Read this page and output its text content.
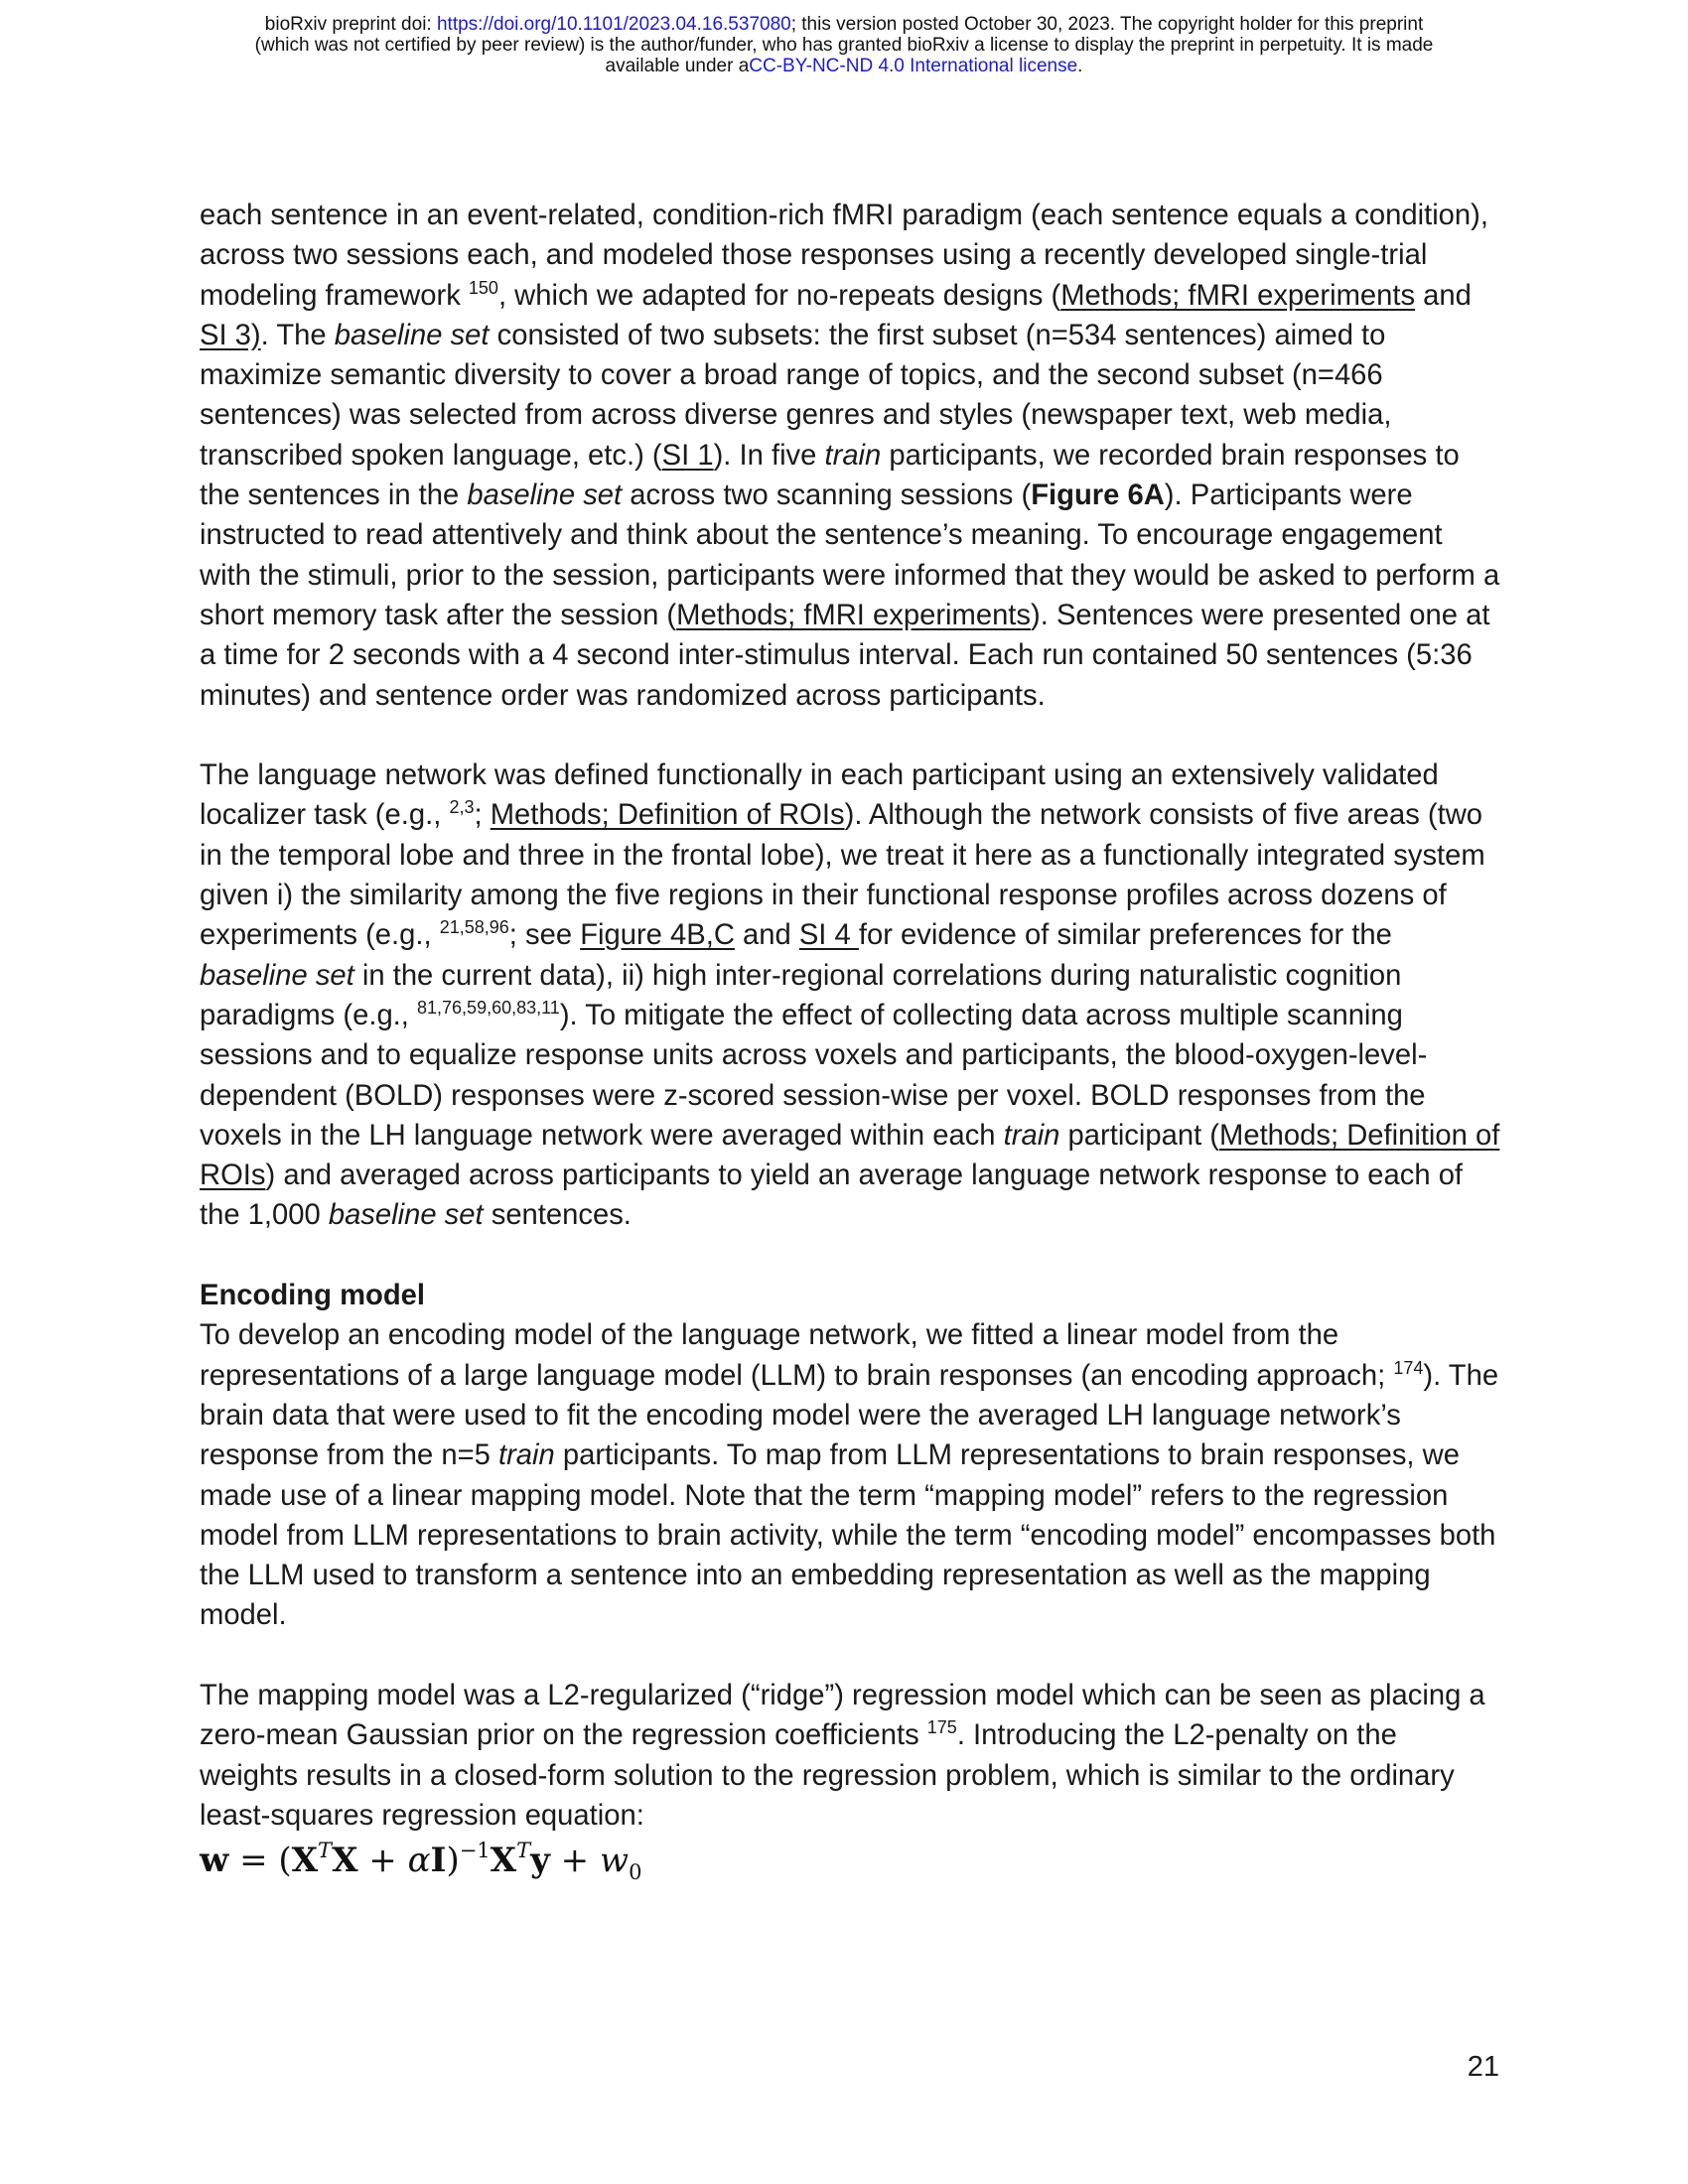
bioRxiv preprint doi: https://doi.org/10.1101/2023.04.16.537080; this version posted October 30, 2023. The copyright holder for this preprint
(which was not certified by peer review) is the author/funder, who has granted bioRxiv a license to display the preprint in perpetuity. It is made
available under aCC-BY-NC-ND 4.0 International license.

each sentence in an event-related, condition-rich fMRI paradigm (each sentence equals a condition), across two sessions each, and modeled those responses using a recently developed single-trial modeling framework $^{150}$, which we adapted for no-repeats designs (Methods; fMRI experiments and SI 3). The baseline set consisted of two subsets: the first subset (n=534 sentences) aimed to maximize semantic diversity to cover a broad range of topics, and the second subset (n=466 sentences) was selected from across diverse genres and styles (newspaper text, web media, transcribed spoken language, etc.) (SI 1). In five train participants, we recorded brain responses to the sentences in the baseline set across two scanning sessions (Figure 6A). Participants were instructed to read attentively and think about the sentence’s meaning. To encourage engagement with the stimuli, prior to the session, participants were informed that they would be asked to perform a short memory task after the session (Methods; fMRI experiments). Sentences were presented one at a time for 2 seconds with a 4 second inter-stimulus interval. Each run contained 50 sentences (5:36 minutes) and sentence order was randomized across participants.

The language network was defined functionally in each participant using an extensively validated localizer task (e.g., $^{2,3}$; Methods; Definition of ROIs). Although the network consists of five areas (two in the temporal lobe and three in the frontal lobe), we treat it here as a functionally integrated system given i) the similarity among the five regions in their functional response profiles across dozens of experiments (e.g., $^{21,58,96}$; see Figure 4B,C and SI 4 for evidence of similar preferences for the baseline set in the current data), ii) high inter-regional correlations during naturalistic cognition paradigms (e.g., $^{81,76,59,60,83,11}$). To mitigate the effect of collecting data across multiple scanning sessions and to equalize response units across voxels and participants, the blood-oxygen-level-dependent (BOLD) responses were z-scored session-wise per voxel. BOLD responses from the voxels in the LH language network were averaged within each train participant (Methods; Definition of ROIs) and averaged across participants to yield an average language network response to each of the 1,000 baseline set sentences.

Encoding model

To develop an encoding model of the language network, we fitted a linear model from the representations of a large language model (LLM) to brain responses (an encoding approach; $^{174}$). The brain data that were used to fit the encoding model were the averaged LH language network’s response from the n=5 train participants. To map from LLM representations to brain responses, we made use of a linear mapping model. Note that the term “mapping model” refers to the regression model from LLM representations to brain activity, while the term “encoding model” encompasses both the LLM used to transform a sentence into an embedding representation as well as the mapping model.

The mapping model was a L2-regularized (“ridge”) regression model which can be seen as placing a zero-mean Gaussian prior on the regression coefficients $^{175}$. Introducing the L2-penalty on the weights results in a closed-form solution to the regression problem, which is similar to the ordinary least-squares regression equation:

$w = (X^TX + \alpha I)^{-1}X^Ty + w_0$
21
